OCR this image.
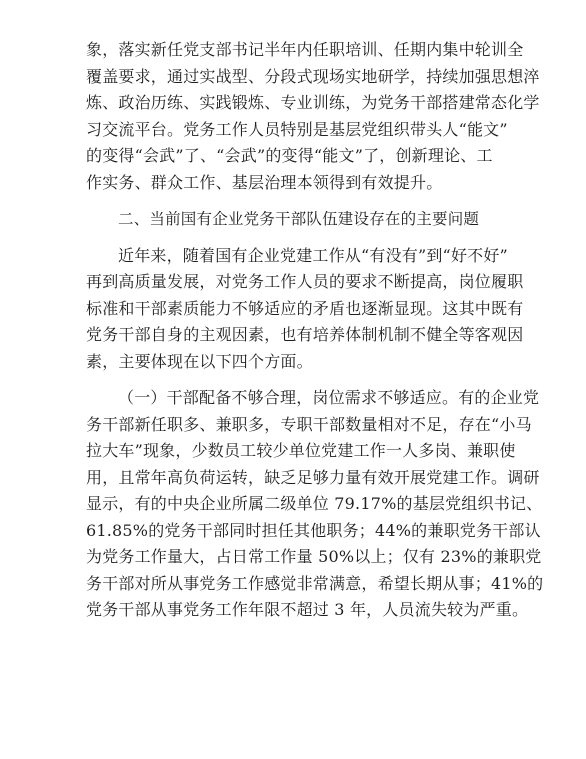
象，落实新任党支部书记半年内任职培训、任期内集中轮训全
覆盖要求，通过实战型、分段式现场实地研学，持续加强思想淬
炼、政治历练、实践锻炼、专业训练，为党务干部搭建常态化学
习交流平台。党务工作人员特别是基层党组织带头人“能文”
的变得“会武”了、“会武”的变得“能文”了，创新理论、工
作实务、群众工作、基层治理本领得到有效提升。
二、当前国有企业党务干部队伍建设存在的主要问题
近年来，随着国有企业党建工作从“有没有”到“好不好”
再到高质量发展，对党务工作人员的要求不断提高，岗位履职
标准和干部素质能力不够适应的矛盾也逐渐显现。这其中既有
党务干部自身的主观因素，也有培养体制机制不健全等客观因
素，主要体现在以下四个方面。
（一）干部配备不够合理，岗位需求不够适应。有的企业党
务干部新任职多、兼职多，专职干部数量相对不足，存在“小马
拉大车”现象，少数员工较少单位党建工作一人多岗、兼职使
用，且常年高负荷运转，缺乏足够力量有效开展党建工作。调研
显示，有的中央企业所属二级单位 79.17%的基层党组织书记、
61.85%的党务干部同时担任其他职务；44%的兼职党务干部认
为党务工作量大，占日常工作量 50%以上；仅有 23%的兼职党
务干部对所从事党务工作感觉非常满意，希望长期从事；41%的
党务干部从事党务工作年限不超过 3 年，人员流失较为严重。
